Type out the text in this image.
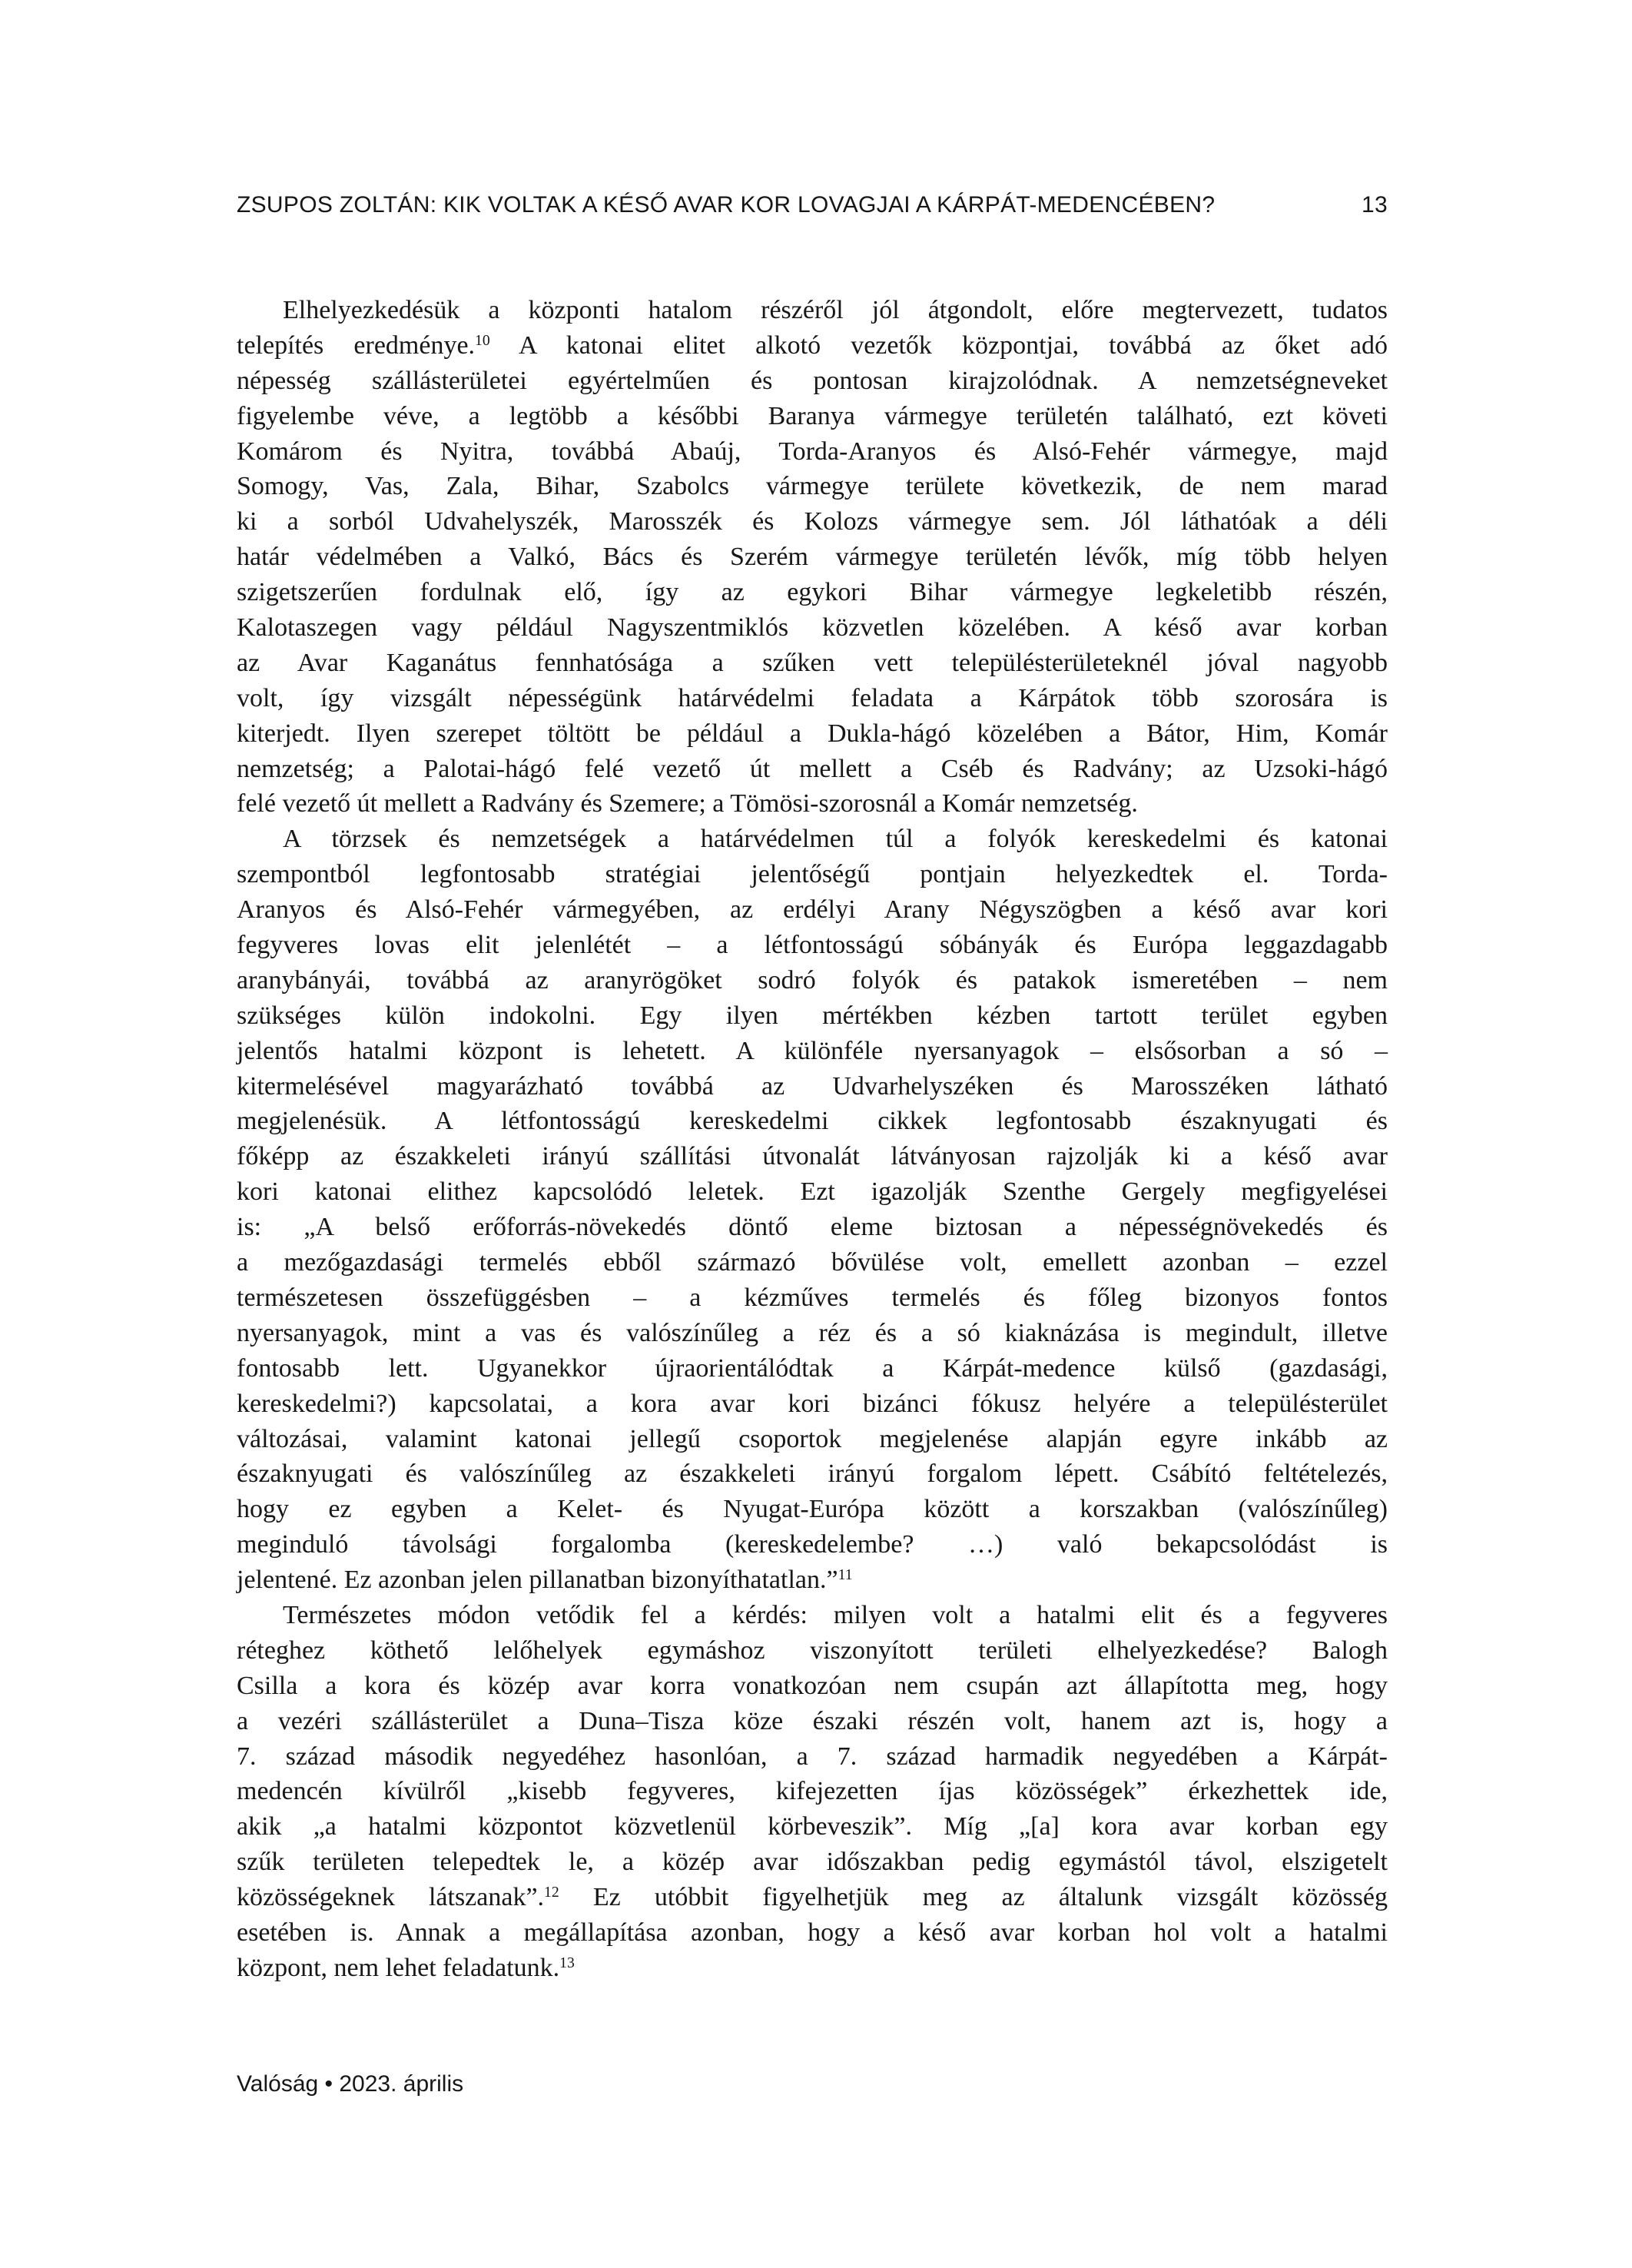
ZSUPOS ZOLTÁN: KIK VOLTAK A KÉSŐ AVAR KOR LOVAGJAI A KÁRPÁT-MEDENCÉBEN?	13
Elhelyezkedésük a központi hatalom részéről jól átgondolt, előre megtervezett, tudatos
telepítés eredménye.$^{10}$ A katonai elitet alkotó vezetők központjai, továbbá az őket adó
népesség szállásterületei egyértelműen és pontosan kirajzolódnak. A nemzetségneveket
figyelembe véve, a legtöbb a későbbi Baranya vármegye területén található, ezt követi
Komárom és Nyitra, továbbá Abaúj, Torda-Aranyos és Alsó-Fehér vármegye, majd
Somogy, Vas, Zala, Bihar, Szabolcs vármegye területe következik, de nem marad
ki a sorból Udvahelyszék, Marosszék és Kolozs vármegye sem. Jól láthatóak a déli
határ védelmében a Valkó, Bács és Szerém vármegye területén lévők, míg több helyen
szigetszerűen fordulnak elő, így az egykori Bihar vármegye legkeletibb részén,
Kalotaszegen vagy például Nagyszentmiklós közvetlen közelében. A késő avar korban
az Avar Kaganátus fennhatósága a szűken vett településterületeknél jóval nagyobb
volt, így vizsgált népességünk határvédelmi feladata a Kárpátok több szorosára is
kiterjedt. Ilyen szerepet töltött be például a Dukla-hágó közelében a Bátor, Him, Komár
nemzetség; a Palotai-hágó felé vezető út mellett a Cséb és Radvány; az Uzsoki-hágó
felé vezető út mellett a Radvány és Szemere; a Tömösi-szorosnál a Komár nemzetség.
A törzsek és nemzetségek a határvédelmen túl a folyók kereskedelmi és katonai
szempontból legfontosabb stratégiai jelentőségű pontjain helyezkedtek el. Torda-
Aranyos és Alsó-Fehér vármegyében, az erdélyi Arany Négyszögben a késő avar kori
fegyveres lovas elit jelenlétét – a létfontosságú sóbányák és Európa leggazdagabb
aranybányái, továbbá az aranyrögöket sodró folyók és patakok ismeretében – nem
szükséges külön indokolni. Egy ilyen mértékben kézben tartott terület egyben
jelentős hatalmi központ is lehetett. A különféle nyersanyagok – elsősorban a só –
kitermelésével magyarázható továbbá az Udvarhelyszéken és Marosszéken látható
megjelenésük. A létfontosságú kereskedelmi cikkek legfontosabb északnyugati és
főképp az északkeleti irányú szállítási útvonalát látványosan rajzolják ki a késő avar
kori katonai elithez kapcsolódó leletek. Ezt igazolják Szenthe Gergely megfigyelései
is: „A belső erőforrás-növekedés döntő eleme biztosan a népességnövekedés és
a mezőgazdasági termelés ebből származó bővülése volt, emellett azonban – ezzel
természetesen összefüggésben – a kézműves termelés és főleg bizonyos fontos
nyersanyagok, mint a vas és valószínűleg a réz és a só kiaknázása is megindult, illetve
fontosabb lett. Ugyanekkor újraorientálódtak a Kárpát-medence külső (gazdasági,
kereskedelmi?) kapcsolatai, a kora avar kori bizánci fókusz helyére a településterület
változásai, valamint katonai jellegű csoportok megjelenése alapján egyre inkább az
északnyugati és valószínűleg az északkeleti irányú forgalom lépett. Csábító feltételezés,
hogy ez egyben a Kelet- és Nyugat-Európa között a korszakban (valószínűleg)
meginduló távolsági forgalomba (kereskedelembe? …) való bekapcsolódást is
jelentené. Ez azonban jelen pillanatban bizonyíthatatlan.”$^{11}$
Természetes módon vetődik fel a kérdés: milyen volt a hatalmi elit és a fegyveres
réteghez köthető lelőhelyek egymáshoz viszonyított területi elhelyezkedése? Balogh
Csilla a kora és közép avar korra vonatkozóan nem csupán azt állapította meg, hogy
a vezéri szállásterület a Duna–Tisza köze északi részén volt, hanem azt is, hogy a
7. század második negyedéhez hasonlóan, a 7. század harmadik negyedében a Kárpát-
medencén kívülről „kisebb fegyveres, kifejezetten íjas közösségek” érkezhettek ide,
akik „a hatalmi központot közvetlenül körbeveszik”. Míg „[a] kora avar korban egy
szűk területen telepedtek le, a közép avar időszakban pedig egymástól távol, elszigetelt
közösségeknek látszanak”.$^{12}$ Ez utóbbit figyelhetjük meg az általunk vizsgált közösség
esetében is. Annak a megállapítása azonban, hogy a késő avar korban hol volt a hatalmi
központ, nem lehet feladatunk.$^{13}$
Valóság • 2023. április
